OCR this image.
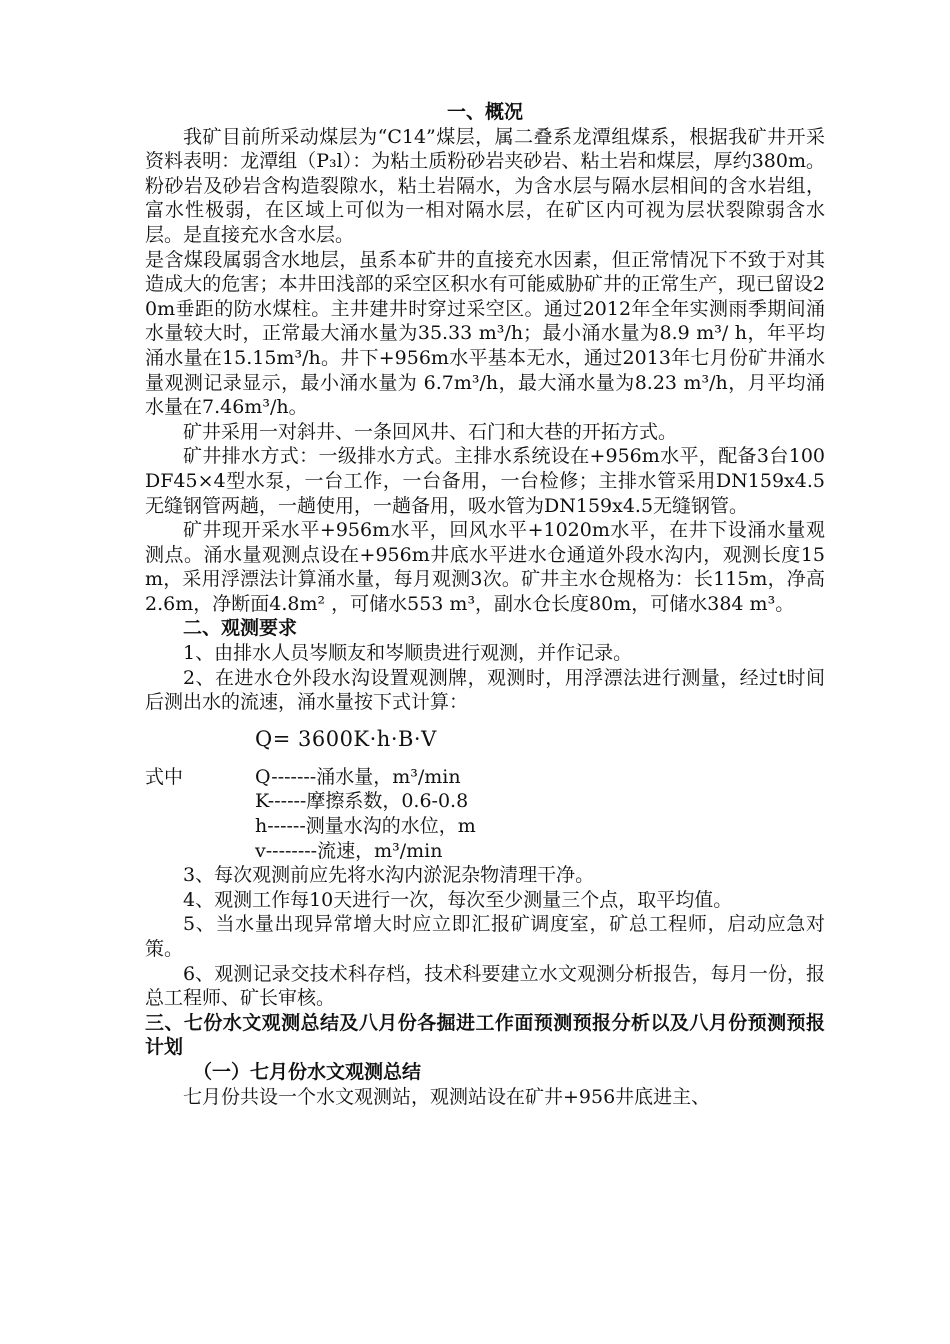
一、概况

我矿目前所采动煤层为“C14”煤层，属二叠系龙潭组煤系，根据我矿井开采资料表明：龙潭组（P₃l）：为粘土质粉砂岩夹砂岩、粘土岩和煤层，厚约380m。粉砂岩及砂岩含构造裂隙水，粘土岩隔水，为含水层与隔水层相间的含水岩组，富水性极弱，在区域上可似为一相对隔水层，在矿区内可视为层状裂隙弱含水层。是直接充水含水层。

是含煤段属弱含水地层，虽系本矿井的直接充水因素，但正常情况下不致于对其造成大的危害；本井田浅部的采空区积水有可能威胁矿井的正常生产，现已留设20m垂距的防水煤柱。主井建井时穿过采空区。通过2012年全年实测雨季期间涌水量较大时，正常最大涌水量为35.33 m³/h；最小涌水量为8.9 m³/ h，年平均涌水量在15.15m³/h。井下+956m水平基本无水，通过2013年七月份矿井涌水量观测记录显示，最小涌水量为 6.7m³/h，最大涌水量为8.23 m³/h，月平均涌水量在7.46m³/h。

矿井采用一对斜井、一条回风井、石门和大巷的开拓方式。

矿井排水方式：一级排水方式。主排水系统设在+956m水平，配备3台100DF45×4型水泵，一台工作，一台备用，一台检修；主排水管采用DN159x4.5无缝钢管两趟，一趟使用，一趟备用，吸水管为DN159x4.5无缝钢管。

矿井现开采水平+956m水平，回风水平+1020m水平，在井下设涌水量观测点。涌水量观测点设在+956m井底水平进水仓通道外段水沟内，观测长度15m，采用浮漂法计算涌水量，每月观测3次。矿井主水仓规格为：长115m，净高2.6m，净断面4.8m² ，可储水553 m³，副水仓长度80m，可储水384 m³。

二、观测要求

1、由排水人员岑顺友和岑顺贵进行观测，并作记录。

2、在进水仓外段水沟设置观测牌，观测时，用浮漂法进行测量，经过t时间后测出水的流速，涌水量按下式计算：

Q= 3600K·h·B·V
式中	Q-------涌水量，m³/min
K------摩擦系数，0.6-0.8
h------测量水沟的水位，m
v--------流速，m³/min

3、每次观测前应先将水沟内淤泥杂物清理干净。

4、观测工作每10天进行一次，每次至少测量三个点，取平均值。

5、当水量出现异常增大时应立即汇报矿调度室，矿总工程师，启动应急对策。

6、观测记录交技术科存档，技术科要建立水文观测分析报告，每月一份，报总工程师、矿长审核。

三、七份水文观测总结及八月份各掘进工作面预测预报分析以及八月份预测预报计划

（一）七月份水文观测总结

七月份共设一个水文观测站，观测站设在矿井+956井底进主、
